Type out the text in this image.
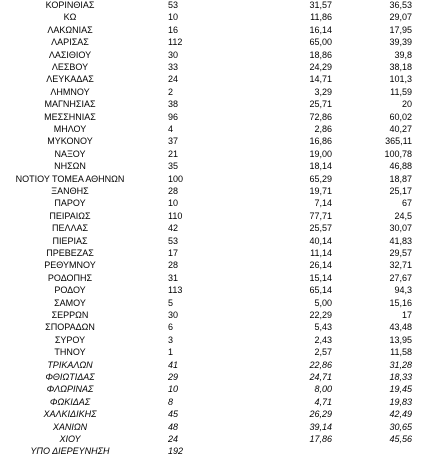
ΚΟΡΙΝΘΙΑΣ	53	31,57	36,53
ΚΩ	10	11,86	29,07
ΛΑΚΩΝΙΑΣ	16	16,14	17,95
ΛΑΡΙΣΑΣ	112	65,00	39,39
ΛΑΣΙΘΙΟΥ	30	18,86	39,8
ΛΕΣΒΟΥ	33	24,29	38,18
ΛΕΥΚΑΔΑΣ	24	14,71	101,3
ΛΗΜΝΟΥ	2	3,29	11,59
ΜΑΓΝΗΣΙΑΣ	38	25,71	20
ΜΕΣΣΗΝΙΑΣ	96	72,86	60,02
ΜΗΛΟΥ	4	2,86	40,27
ΜΥΚΟΝΟΥ	37	16,86	365,11
ΝΑΞΟΥ	21	19,00	100,78
ΝΗΣΩΝ	35	18,14	46,88
ΝΟΤΙΟΥ ΤΟΜΕΑ ΑΘΗΝΩΝ	100	65,29	18,87
ΞΑΝΘΗΣ	28	19,71	25,17
ΠΑΡΟΥ	10	7,14	67
ΠΕΙΡΑΙΩΣ	110	77,71	24,5
ΠΕΛΛΑΣ	42	25,57	30,07
ΠΙΕΡΙΑΣ	53	40,14	41,83
ΠΡΕΒΕΖΑΣ	17	11,14	29,57
ΡΕΘΥΜΝΟΥ	28	26,14	32,71
ΡΟΔΟΠΗΣ	31	15,14	27,67
ΡΟΔΟΥ	113	65,14	94,3
ΣΑΜΟΥ	5	5,00	15,16
ΣΕΡΡΩΝ	30	22,29	17
ΣΠΟΡΑΔΩΝ	6	5,43	43,48
ΣΥΡΟΥ	3	2,43	13,95
ΤΗΝΟΥ	1	2,57	11,58
ΤΡΙΚΑΛΩΝ	41	22,86	31,28
ΦΘΙΩΤΙΔΑΣ	29	24,71	18,33
ΦΛΩΡΙΝΑΣ	10	8,00	19,45
ΦΩΚΙΔΑΣ	8	4,71	19,83
ΧΑΛΚΙΔΙΚΗΣ	45	26,29	42,49
ΧΑΝΙΩΝ	48	39,14	30,65
ΧΙΟΥ	24	17,86	45,56
ΥΠΟ ΔΙΕΡΕΥΝΗΣΗ	192
